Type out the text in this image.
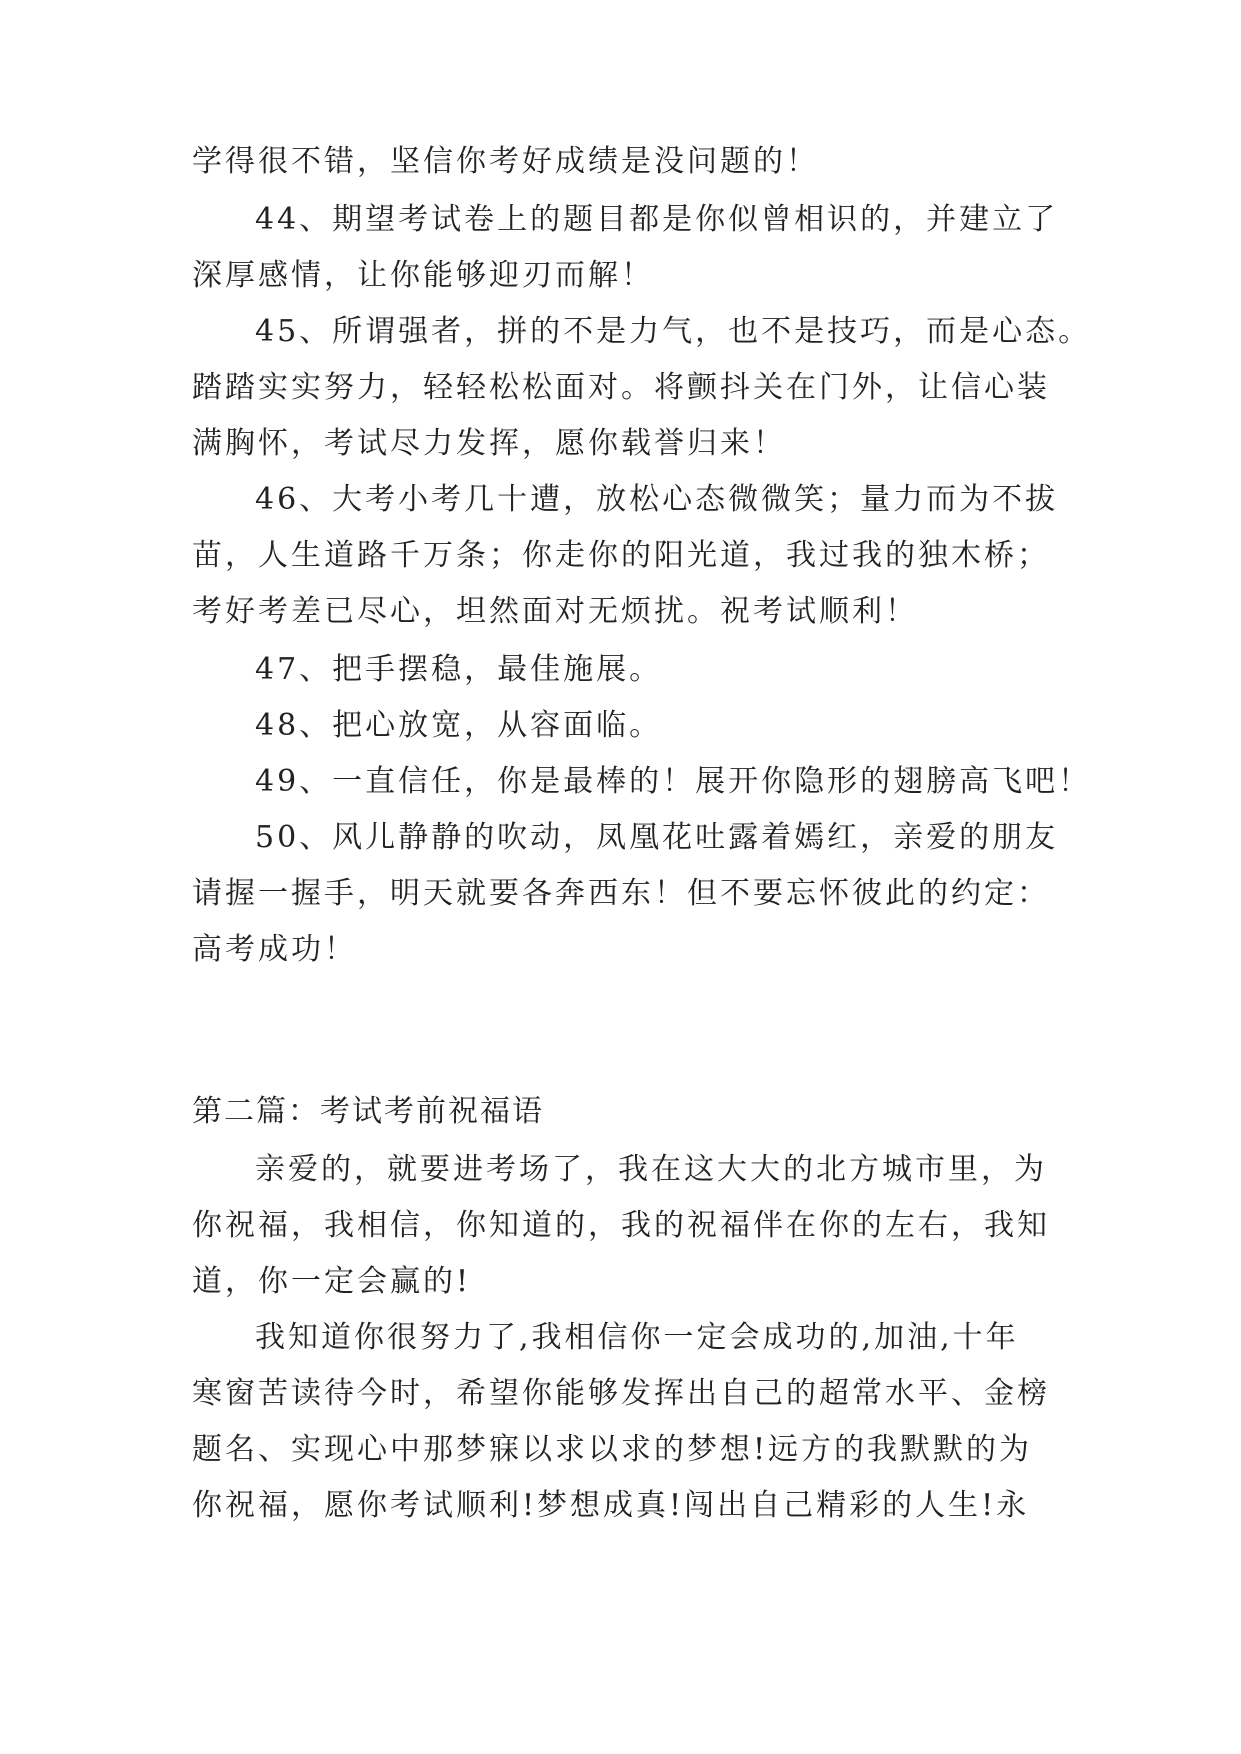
学得很不错，坚信你考好成绩是没问题的！
44、期望考试卷上的题目都是你似曾相识的，并建立了
深厚感情，让你能够迎刃而解！
45、所谓强者，拼的不是力气，也不是技巧，而是心态。
踏踏实实努力，轻轻松松面对。将颤抖关在门外，让信心装
满胸怀，考试尽力发挥，愿你载誉归来！
46、大考小考几十遭，放松心态微微笑；量力而为不拔
苗，人生道路千万条；你走你的阳光道，我过我的独木桥；
考好考差已尽心，坦然面对无烦扰。祝考试顺利！
47、把手摆稳，最佳施展。
48、把心放宽，从容面临。
49、一直信任，你是最棒的！展开你隐形的翅膀高飞吧！
50、风儿静静的吹动，凤凰花吐露着嫣红，亲爱的朋友
请握一握手，明天就要各奔西东！但不要忘怀彼此的约定：
高考成功！
第二篇：考试考前祝福语
亲爱的，就要进考场了，我在这大大的北方城市里，为
你祝福，我相信，你知道的，我的祝福伴在你的左右，我知
道，你一定会赢的!
我知道你很努力了,我相信你一定会成功的,加油,十年
寒窗苦读待今时，希望你能够发挥出自己的超常水平、金榜
题名、实现心中那梦寐以求以求的梦想!远方的我默默的为
你祝福，愿你考试顺利!梦想成真!闯出自己精彩的人生!永
